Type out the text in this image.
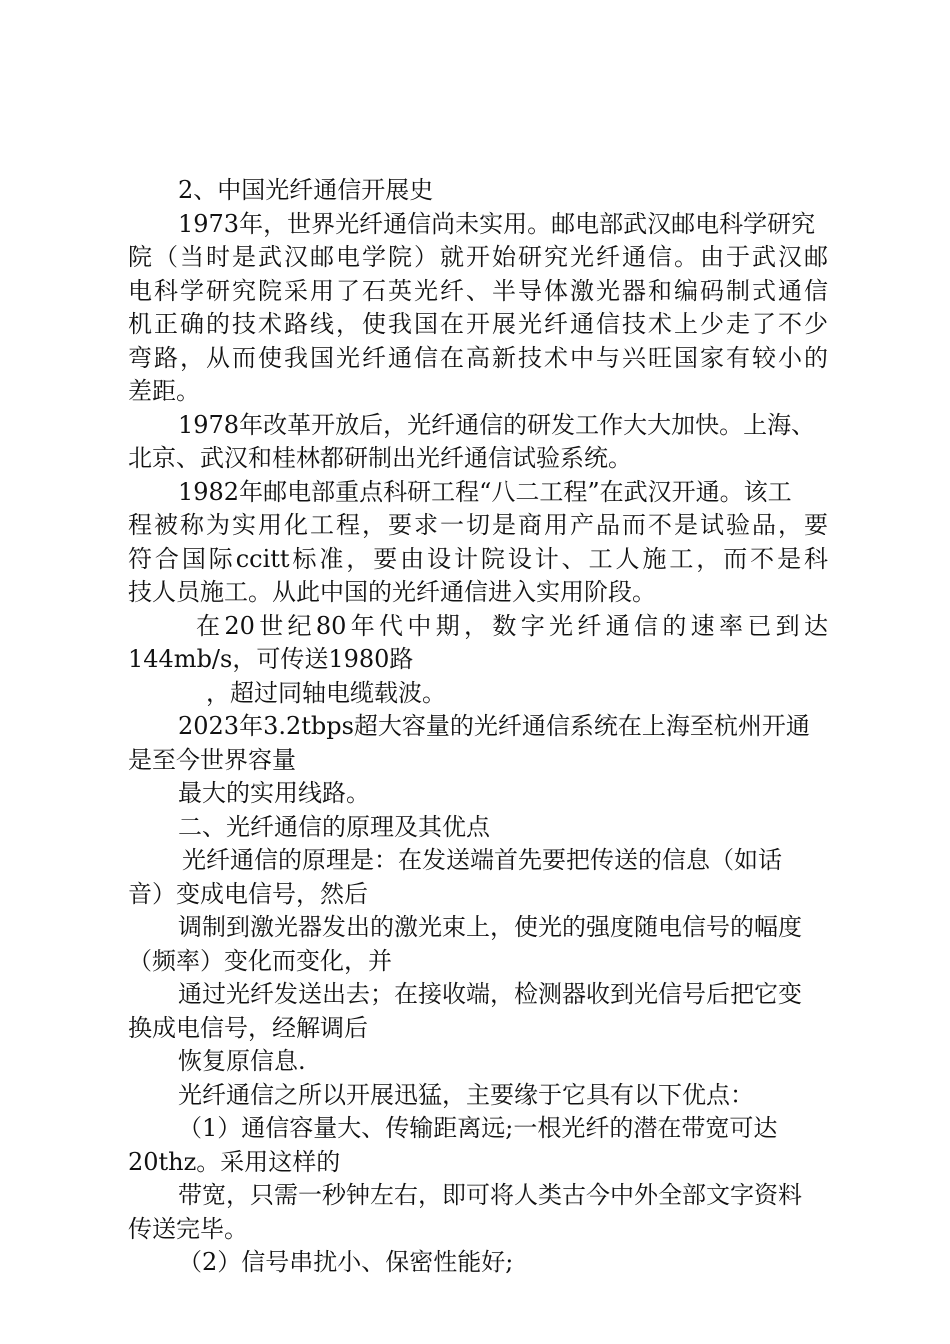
2、中国光纤通信开展史
1973年，世界光纤通信尚未实用。邮电部武汉邮电科学研究
院（当时是武汉邮电学院）就开始研究光纤通信。由于武汉邮
电科学研究院采用了石英光纤、半导体激光器和编码制式通信
机正确的技术路线，使我国在开展光纤通信技术上少走了不少
弯路，从而使我国光纤通信在高新技术中与兴旺国家有较小的
差距。
1978年改革开放后，光纤通信的研发工作大大加快。上海、
北京、武汉和桂林都研制出光纤通信试验系统。
1982年邮电部重点科研工程“八二工程”在武汉开通。该工
程被称为实用化工程，要求一切是商用产品而不是试验品，要
符合国际ccitt标准，要由设计院设计、工人施工，而不是科
技人员施工。从此中国的光纤通信进入实用阶段。
在20世纪80年代中期，数字光纤通信的速率已到达
144mb/s，可传送1980路
，超过同轴电缆载波。
2023年3.2tbps超大容量的光纤通信系统在上海至杭州开通
是至今世界容量
最大的实用线路。
二、光纤通信的原理及其优点
光纤通信的原理是：在发送端首先要把传送的信息（如话
音）变成电信号，然后
调制到激光器发出的激光束上，使光的强度随电信号的幅度
（频率）变化而变化，并
通过光纤发送出去；在接收端，检测器收到光信号后把它变
换成电信号，经解调后
恢复原信息.
光纤通信之所以开展迅猛，主要缘于它具有以下优点：
（1）通信容量大、传输距离远;一根光纤的潜在带宽可达
20thz。采用这样的
带宽，只需一秒钟左右，即可将人类古今中外全部文字资料
传送完毕。
（2）信号串扰小、保密性能好;
